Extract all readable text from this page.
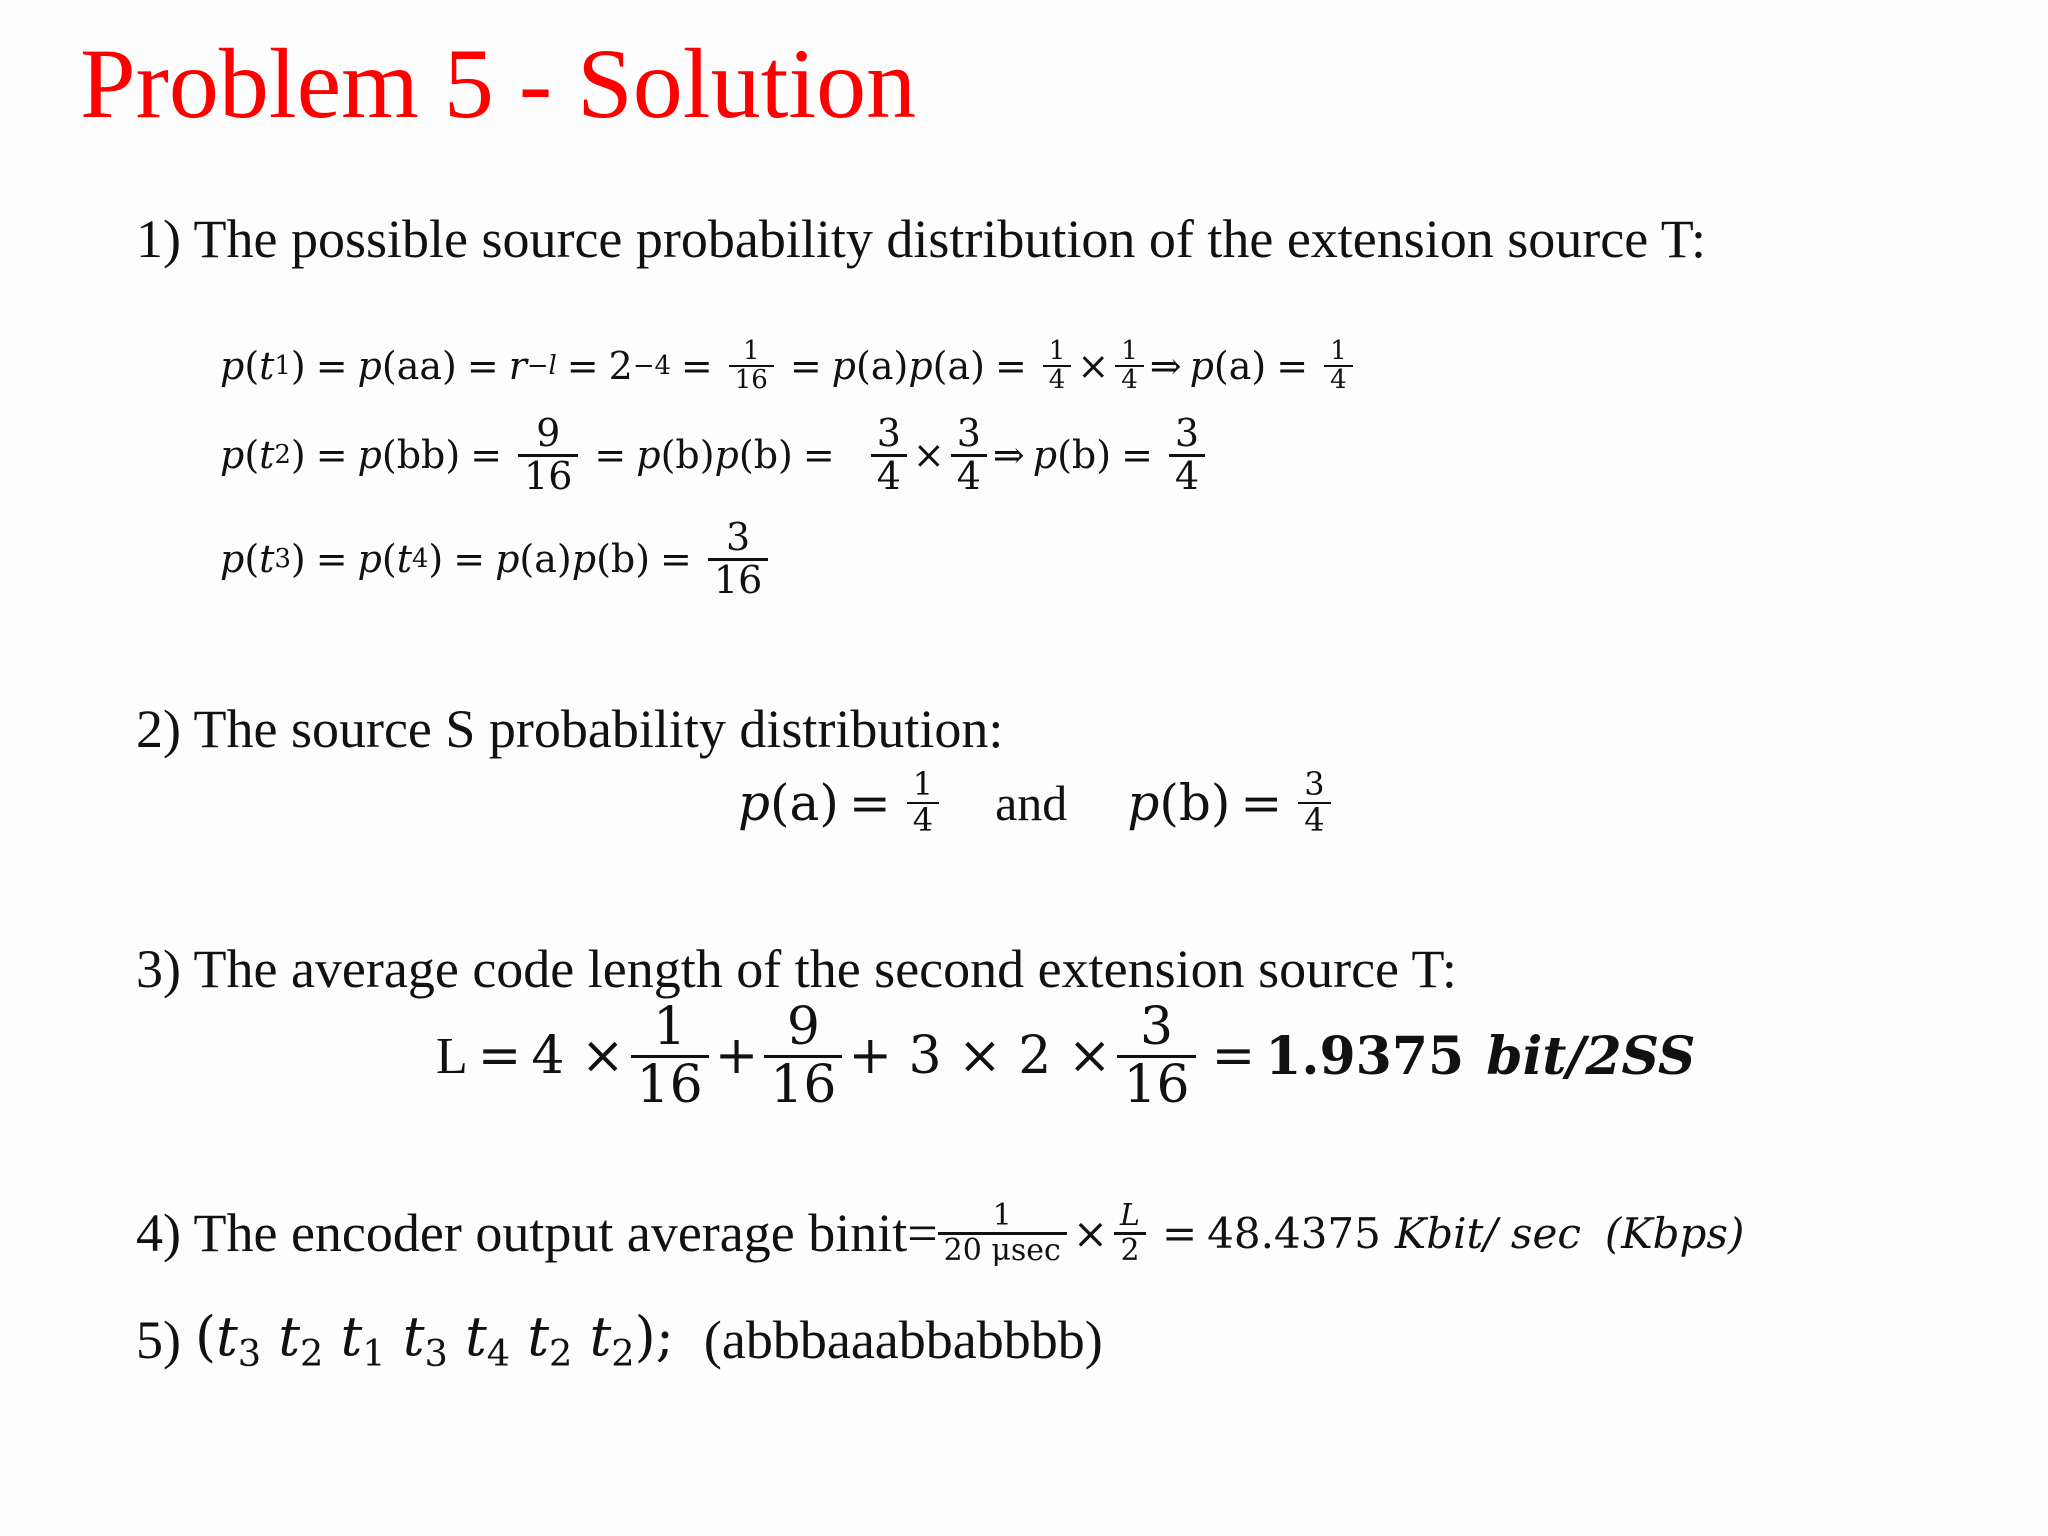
Problem 5 - Solution
1) The possible source probability distribution of the extension source T:
p ( t 1 ) = p $(aa) = r -l = 2 -4 = \frac{1}{16} = p$ (a) p $(a) = \frac{1}{4} \times \frac{1}{4}$ ⇒ p $(a) = \frac{1}{4}$
p ( t 2 ) = p $(bb) = \frac{9}{16} = p$ (b) p $(b) = \frac{3}{4} \times \frac{3}{4}$ ⇒ p $(b) = \frac{3}{4}$
p ( t 3 ) = p ( t 4 ) = p (a) p $(b) = \frac{3}{16}$
2) The source S probability distribution:
p $(a) = \frac{1}{4}$ and p $(b) = \frac{3}{4}$
3) The average code length of the second extension source T:
$L = 4 \times \frac{1}{16} + \frac{9}{16} + 3 \times 2 \times \frac{3}{16} = 1.9375$ bit/2SS
4) The encoder output average binit= $\frac{1}{20 \mu\sec} \times \frac{L}{2} = 48.4375$ Kbit/ sec (Kbps)
5) ($t_3$ $t_2$ $t_1$ $t_3$ $t_4$ $t_2$ $t_2$); (abbbaaabbabbbb)
